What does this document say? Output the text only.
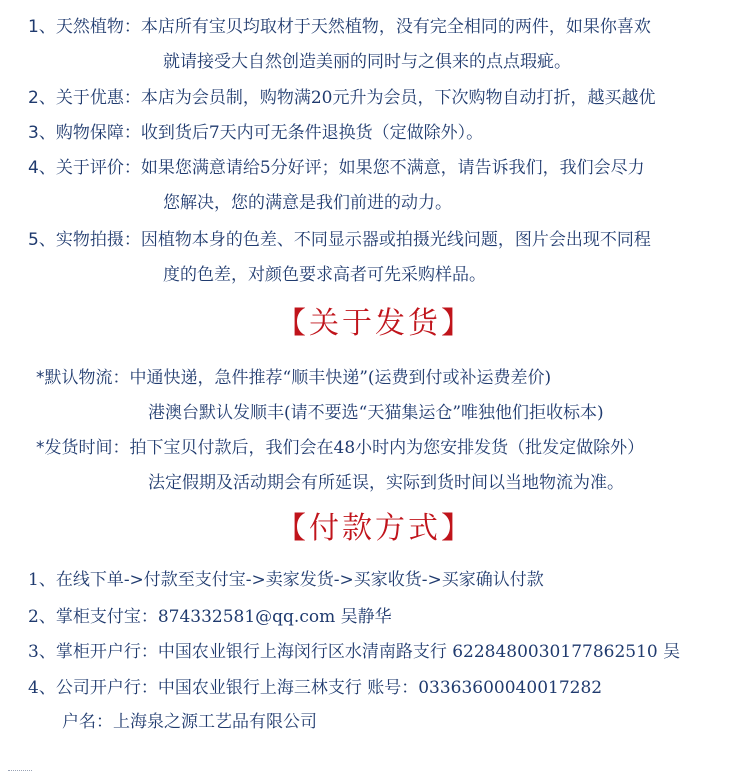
1、天然植物：本店所有宝贝均取材于天然植物，没有完全相同的两件，如果你喜欢
就请接受大自然创造美丽的同时与之俱来的点点瑕疵。
2、关于优惠：本店为会员制，购物满20元升为会员，下次购物自动打折，越买越优
3、购物保障：收到货后7天内可无条件退换货（定做除外）。
4、关于评价：如果您满意请给5分好评；如果您不满意，请告诉我们，我们会尽力
您解决，您的满意是我们前进的动力。
5、实物拍摄：因植物本身的色差、不同显示器或拍摄光线问题，图片会出现不同程
度的色差，对颜色要求高者可先采购样品。
【关于发货】
*默认物流：中通快递，急件推荐“顺丰快递”(运费到付或补运费差价)
港澳台默认发顺丰(请不要选“天猫集运仓”唯独他们拒收标本)
*发货时间：拍下宝贝付款后，我们会在48小时内为您安排发货（批发定做除外）
法定假期及活动期会有所延误，实际到货时间以当地物流为准。
【付款方式】
1、在线下单->付款至支付宝->卖家发货->买家收货->买家确认付款
2、掌柜支付宝：874332581@qq.com 吴静华
3、掌柜开户行：中国农业银行上海闵行区水清南路支行 6228480030177862510 吴
4、公司开户行：中国农业银行上海三林支行 账号：03363600040017282
户名：上海泉之源工艺品有限公司
